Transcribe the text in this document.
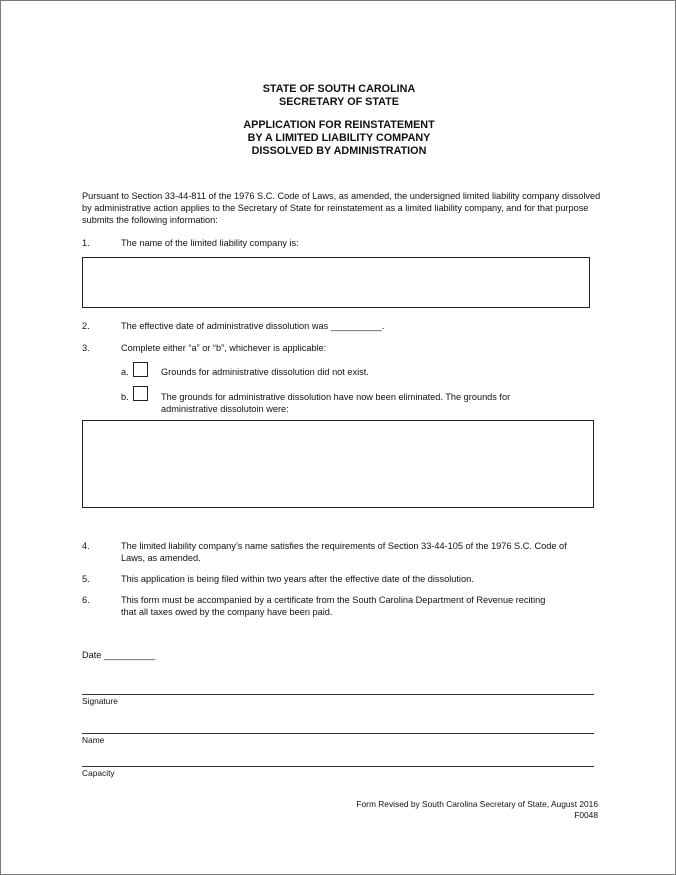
STATE OF SOUTH CAROLINA
SECRETARY OF STATE
APPLICATION FOR REINSTATEMENT
BY A LIMITED LIABILITY COMPANY
DISSOLVED BY ADMINISTRATION
Pursuant to Section 33-44-811 of the 1976 S.C. Code of Laws, as amended, the undersigned limited liability company dissolved by administrative action applies to the Secretary of State for reinstatement as a limited liability company, and for that purpose submits the following information:
1.	The name of the limited liability company is:
2.	The effective date of administrative dissolution was __________.
3.	Complete either “a” or “b”, whichever is applicable:
a.	Grounds for administrative dissolution did not exist.
b.	The grounds for administrative dissolution have now been eliminated. The grounds for administrative dissolutoin were:
4.	The limited liability company’s name satisfies the requirements of Section 33-44-105 of the 1976 S.C. Code of Laws, as amended.
5.	This application is being filed within two years after the effective date of the dissolution.
6.	This form must be accompanied by a certificate from the South Carolina Department of Revenue reciting that all taxes owed by the company have been paid.
Date __________
Signature
Name
Capacity
Form Revised by South Carolina Secretary of State, August 2016
F0048
